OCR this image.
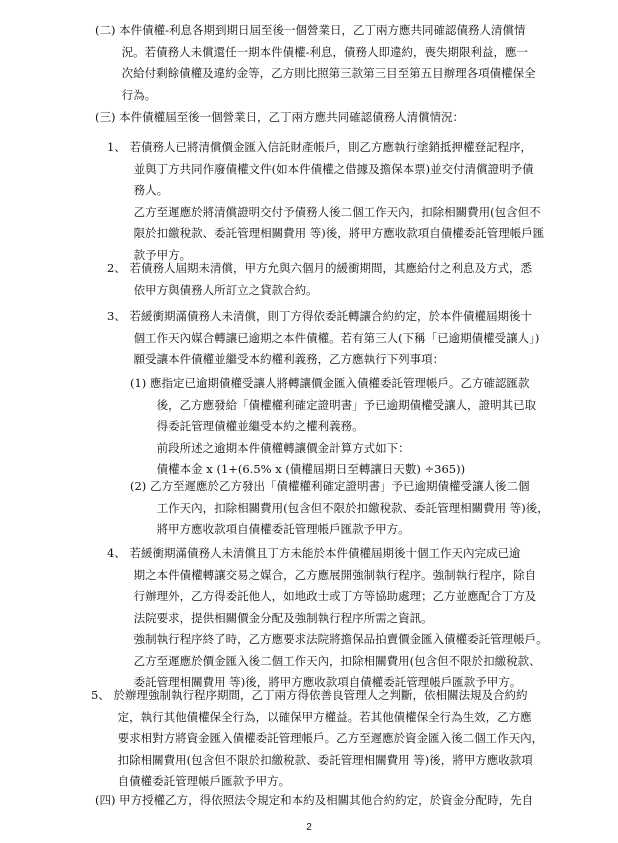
(二) 本件債權-利息各期到期日屆至後一個營業日，乙丁兩方應共同確認債務人清償情
　　 況。若債務人未償還任一期本件債權-利息，債務人即違約，喪失期限利益，應一
　　 次給付剩餘債權及違約金等，乙方則比照第三款第三目至第五目辦理各項債權保全
　　 行為。
(三) 本件債權屆至後一個營業日，乙丁兩方應共同確認債務人清償情況：
1、 若債務人已將清償價金匯入信託財產帳戶，則乙方應執行塗銷抵押權登記程序，
　　 並與丁方共同作廢債權文件(如本件債權之借據及擔保本票)並交付清償證明予債
　　 務人。
　　 乙方至遲應於將清償證明交付予債務人後二個工作天內，扣除相關費用(包含但不
　　 限於扣繳稅款、委託管理相關費用 等)後，將甲方應收款項自債權委託管理帳戶匯
　　 款予甲方。
2、 若債務人屆期未清償，甲方允與六個月的緩衝期間，其應給付之利息及方式，悉
　　 依甲方與債務人所訂立之貸款合約。
3、 若緩衝期滿債務人未清償，則丁方得依委託轉讓合約約定，於本件債權屆期後十
　　 個工作天內媒合轉讓已逾期之本件債權。若有第三人(下稱「已逾期債權受讓人」)
　　 願受讓本件債權並繼受本約權利義務，乙方應執行下列事項：
(1) 應指定已逾期債權受讓人將轉讓價金匯入債權委託管理帳戶。乙方確認匯款
　　 後，乙方應發給「債權權利確定證明書」予已逾期債權受讓人，證明其已取
　　 得委託管理債權並繼受本約之權利義務。
　　 前段所述之逾期本件債權轉讓價金計算方式如下：
　　 債權本金 x (1+(6.5% x (債權屆期日至轉讓日天數) ÷365))
(2) 乙方至遲應於乙方發出「債權權利確定證明書」予已逾期債權受讓人後二個
　　 工作天內，扣除相關費用(包含但不限於扣繳稅款、委託管理相關費用 等)後，
　　 將甲方應收款項自債權委託管理帳戶匯款予甲方。
4、 若緩衝期滿債務人未清償且丁方未能於本件債權屆期後十個工作天內完成已逾
　　 期之本件債權轉讓交易之媒合，乙方應展開強制執行程序。強制執行程序，除自
　　 行辦理外，乙方得委託他人，如地政士或丁方等協助處理；乙方並應配合丁方及
　　 法院要求，提供相關價金分配及強制執行程序所需之資訊。
　　 強制執行程序終了時，乙方應要求法院將擔保品拍賣價金匯入債權委託管理帳戶。
　　 乙方至遲應於價金匯入後二個工作天內，扣除相關費用(包含但不限於扣繳稅款、
　　 委託管理相關費用 等)後，將甲方應收款項自債權委託管理帳戶匯款予甲方。
5、 於辦理強制執行程序期間，乙丁兩方得依善良管理人之判斷，依相關法規及合約約
　　 定，執行其他債權保全行為，以確保甲方權益。若其他債權保全行為生效，乙方應
　　 要求相對方將資金匯入債權委託管理帳戶。乙方至遲應於資金匯入後二個工作天內，
　　 扣除相關費用(包含但不限於扣繳稅款、委託管理相關費用 等)後，將甲方應收款項
　　 自債權委託管理帳戶匯款予甲方。
(四) 甲方授權乙方，得依照法令規定和本約及相關其他合約約定，於資金分配時，先自
2
